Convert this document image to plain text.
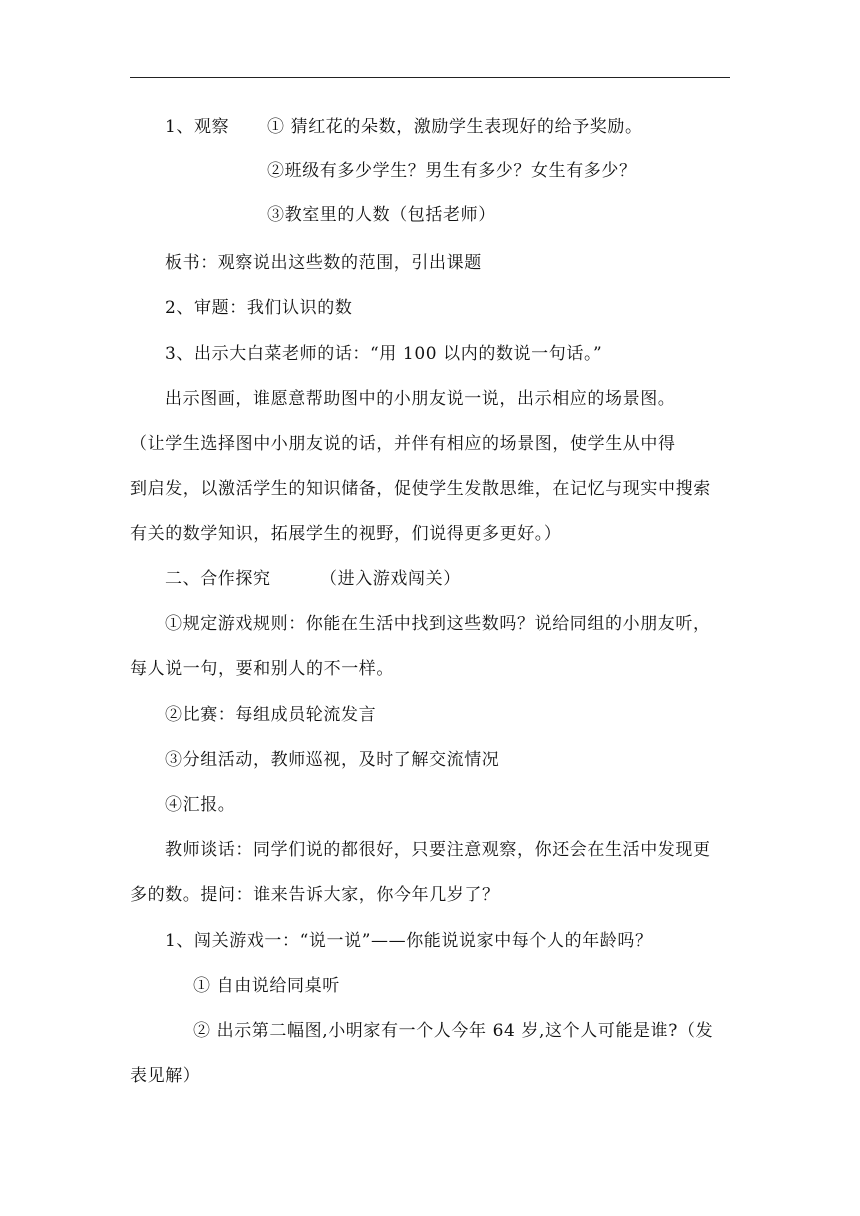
1、观察 ① 猜红花的朵数，激励学生表现好的给予奖励。
②班级有多少学生？男生有多少？女生有多少？
③教室里的人数（包括老师）
板书：观察说出这些数的范围，引出课题
2、审题：我们认识的数
3、出示大白菜老师的话：“用 100 以内的数说一句话。”
出示图画，谁愿意帮助图中的小朋友说一说，出示相应的场景图。
（让学生选择图中小朋友说的话，并伴有相应的场景图，使学生从中得
到启发，以激活学生的知识储备，促使学生发散思维，在记忆与现实中搜索
有关的数学知识，拓展学生的视野，们说得更多更好。）
二、合作探究	（进入游戏闯关）
①规定游戏规则：你能在生活中找到这些数吗？说给同组的小朋友听，
每人说一句，要和别人的不一样。
②比赛：每组成员轮流发言
③分组活动，教师巡视，及时了解交流情况
④汇报。
教师谈话：同学们说的都很好，只要注意观察，你还会在生活中发现更
多的数。提问：谁来告诉大家，你今年几岁了？
1、闯关游戏一：“说一说”——你能说说家中每个人的年龄吗？
① 自由说给同桌听
② 出示第二幅图,小明家有一个人今年 64 岁,这个人可能是谁?（发
表见解）
